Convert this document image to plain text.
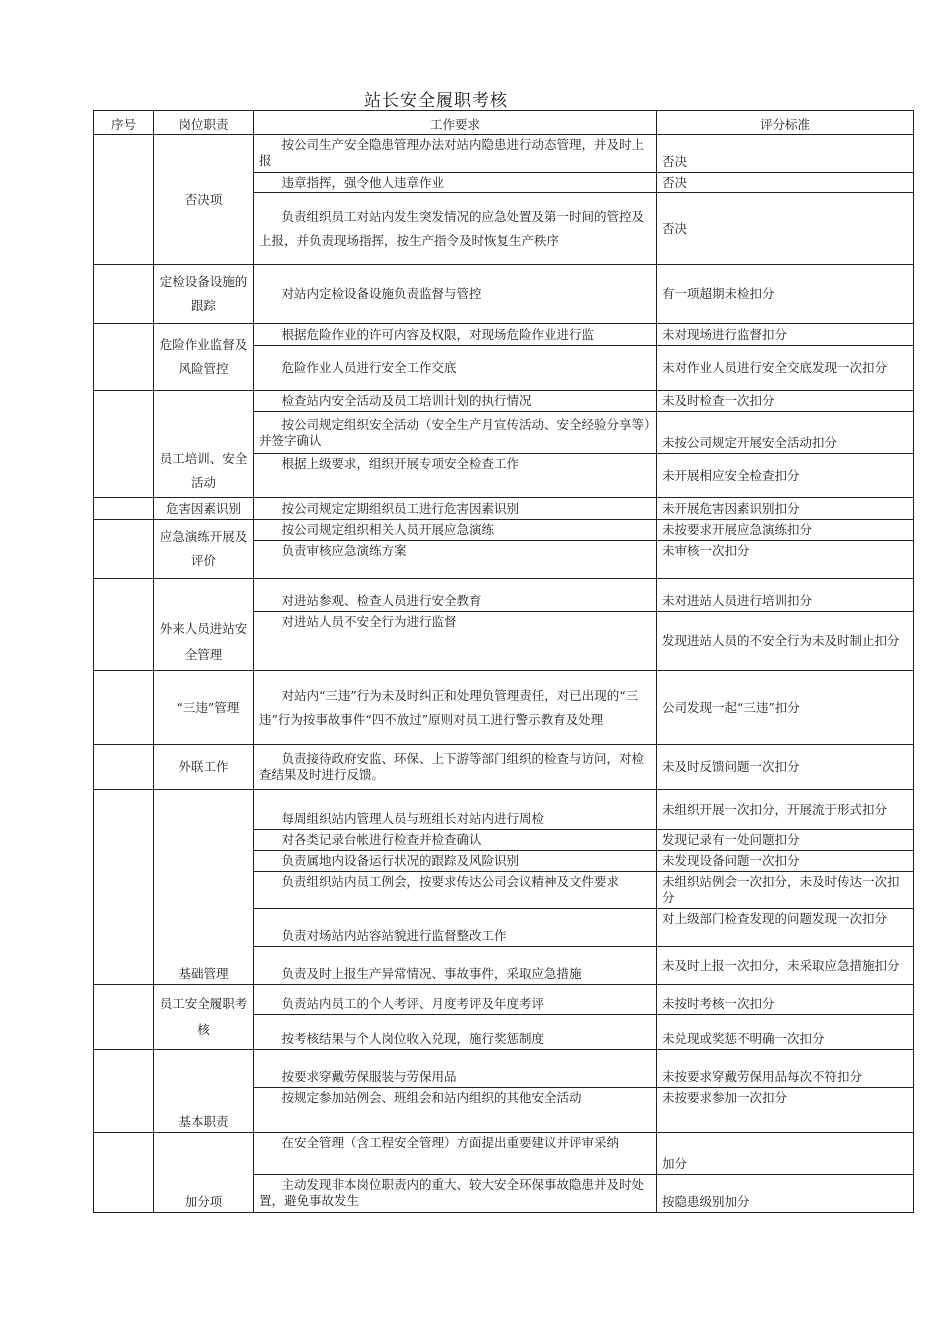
站长安全履职考核
序号	岗位职责	工作要求	评分标准
	否决项	按公司生产安全隐患管理办法对站内隐患进行动态管理，并及时上报	否决
		违章指挥，强令他人违章作业	否决
		负责组织员工对站内发生突发情况的应急处置及第一时间的管控及上报，并负责现场指挥，按生产指令及时恢复生产秩序	否决
	定检设备设施的跟踪	对站内定检设备设施负责监督与管控	有一项超期未检扣分
	危险作业监督及风险管控	根据危险作业的许可内容及权限，对现场危险作业进行监	未对现场进行监督扣分
		危险作业人员进行安全工作交底	未对作业人员进行安全交底发现一次扣分
	员工培训、安全活动	检查站内安全活动及员工培训计划的执行情况	未及时检查一次扣分
		按公司规定组织安全活动（安全生产月宣传活动、安全经验分享等）并签字确认	未按公司规定开展安全活动扣分
		根据上级要求，组织开展专项安全检查工作	未开展相应安全检查扣分
	危害因素识别	按公司规定定期组织员工进行危害因素识别	未开展危害因素识别扣分
	应急演练开展及评价	按公司规定组织相关人员开展应急演练	未按要求开展应急演练扣分
		负责审核应急演练方案	未审核一次扣分
	外来人员进站安全管理	对进站参观、检查人员进行安全教育	未对进站人员进行培训扣分
		对进站人员不安全行为进行监督	发现进站人员的不安全行为未及时制止扣分
	“三违”管理	对站内“三违”行为未及时纠正和处理负管理责任，对已出现的“三违”行为按事故事件“四不放过”原则对员工进行警示教育及处理	公司发现一起“三违”扣分
	外联工作	负责接待政府安监、环保、上下游等部门组织的检查与访问，对检查结果及时进行反馈。	未及时反馈问题一次扣分
	基础管理	每周组织站内管理人员与班组长对站内进行周检	未组织开展一次扣分，开展流于形式扣分
		对各类记录台帐进行检查并检查确认	发现记录有一处问题扣分
		负责属地内设备运行状况的跟踪及风险识别	未发现设备问题一次扣分
		负责组织站内员工例会，按要求传达公司会议精神及文件要求	未组织站例会一次扣分，未及时传达一次扣分
		负责对场站内站容站貌进行监督整改工作	对上级部门检查发现的问题发现一次扣分
		负责及时上报生产异常情况、事故事件，采取应急措施	未及时上报一次扣分，未采取应急措施扣分
	员工安全履职考核	负责站内员工的个人考评、月度考评及年度考评	未按时考核一次扣分
		按考核结果与个人岗位收入兑现，施行奖惩制度	未兑现或奖惩不明确一次扣分
	基本职责	按要求穿戴劳保服装与劳保用品	未按要求穿戴劳保用品每次不符扣分
		按规定参加站例会、班组会和站内组织的其他安全活动	未按要求参加一次扣分
	加分项	在安全管理（含工程安全管理）方面提出重要建议并评审采纳	加分
		主动发现非本岗位职责内的重大、较大安全环保事故隐患并及时处置，避免事故发生	按隐患级别加分
